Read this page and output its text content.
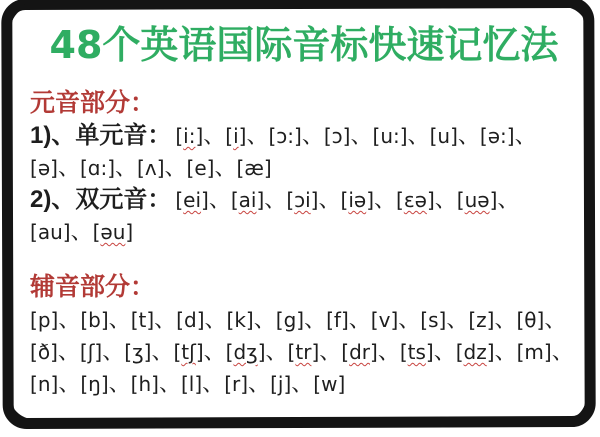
48个英语国际音标快速记忆法
元音部分：
1)、单元音： [i:]、[i]、[ɔ:]、[ɔ]、[u:]、[u]、[ə:]、[ə]、[ɑ:]、[ʌ]、[e]、[æ]
2)、双元音： [ei]、[ai]、[ɔi]、[iə]、[ɛə]、[uə]、[au]、[əu]
辅音部分：
[p]、[b]、[t]、[d]、[k]、[g]、[f]、[v]、[s]、[z]、[θ]、[ð]、[ʃ]、[ʒ]、[tʃ]、[dʒ]、[tr]、[dr]、[ts]、[dz]、[m]、[n]、[ŋ]、[h]、[l]、[r]、[j]、[w]
